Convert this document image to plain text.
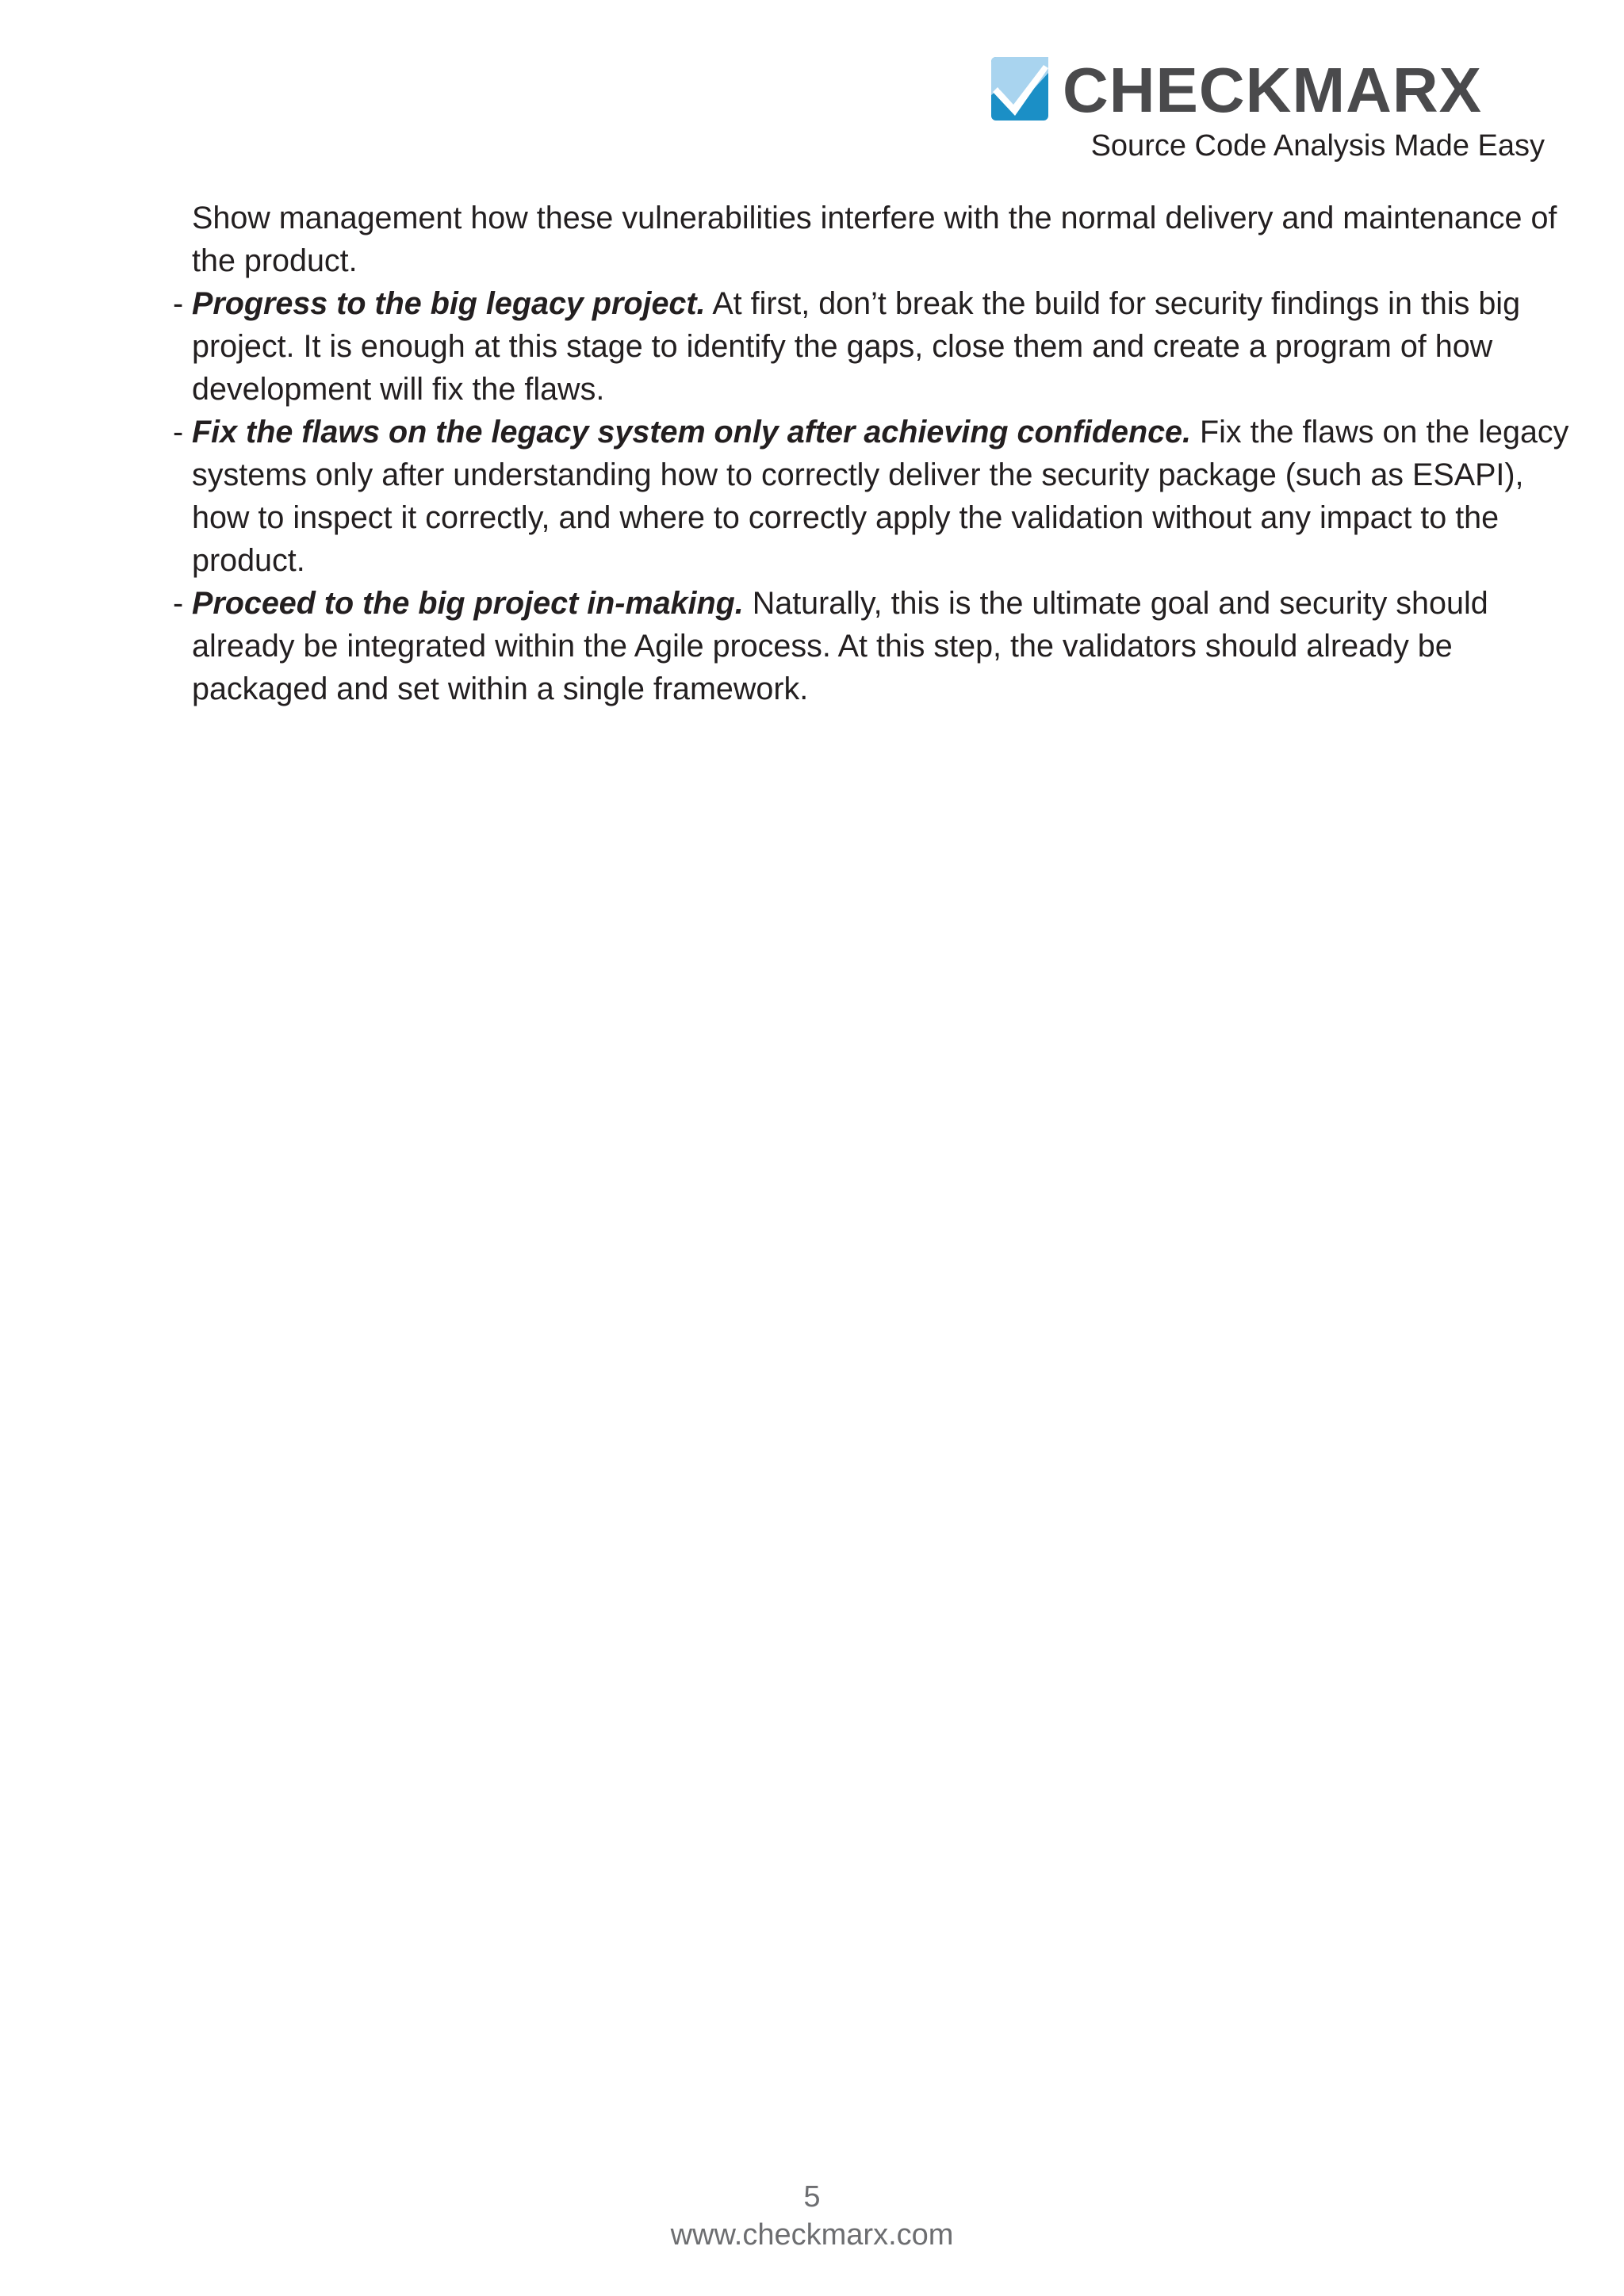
CHECKMARX
Source Code Analysis Made Easy

Show management how these vulnerabilities interfere with the normal delivery and maintenance of the product.

- Progress to the big legacy project. At first, don’t break the build for security findings in this big project. It is enough at this stage to identify the gaps, close them and create a program of how development will fix the flaws.

- Fix the flaws on the legacy system only after achieving confidence. Fix the flaws on the legacy systems only after understanding how to correctly deliver the security package (such as ESAPI), how to inspect it correctly, and where to correctly apply the validation without any impact to the product.

- Proceed to the big project in-making. Naturally, this is the ultimate goal and security should already be integrated within the Agile process. At this step, the validators should already be packaged and set within a single framework.

5
www.checkmarx.com
